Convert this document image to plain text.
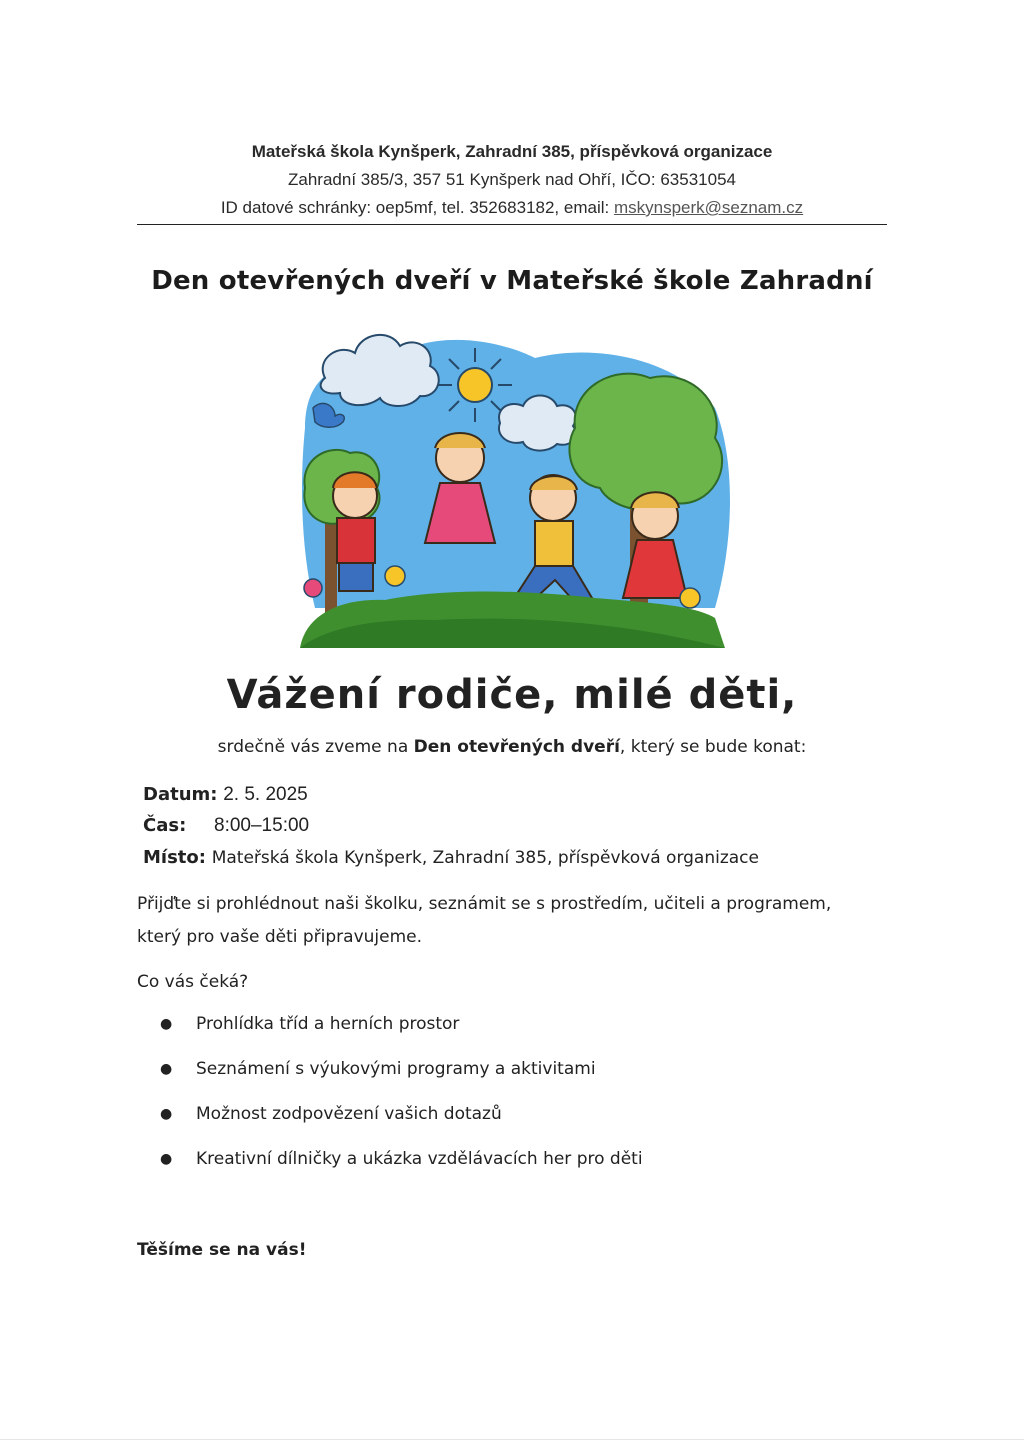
Mateřská škola Kynšperk, Zahradní 385, příspěvková organizace
Zahradní 385/3, 357 51 Kynšperk nad Ohří, IČO: 63531054
ID datové schránky: oep5mf, tel. 352683182, email: mskynsperk@seznam.cz
Den otevřených dveří v Mateřské škole Zahradní
Vážení rodiče, milé děti,
srdečně vás zveme na Den otevřených dveří, který se bude konat:
Datum: 2. 5. 2025
Čas: 8:00–15:00
Místo: Mateřská škola Kynšperk, Zahradní 385, příspěvková organizace
Přijďte si prohlédnout naši školku, seznámit se s prostředím, učiteli a programem, který pro vaše děti připravujeme.
Co vás čeká?
●	Prohlídka tříd a herních prostor
●	Seznámení s výukovými programy a aktivitami
●	Možnost zodpovězení vašich dotazů
●	Kreativní dílničky a ukázka vzdělávacích her pro děti
Těšíme se na vás!
